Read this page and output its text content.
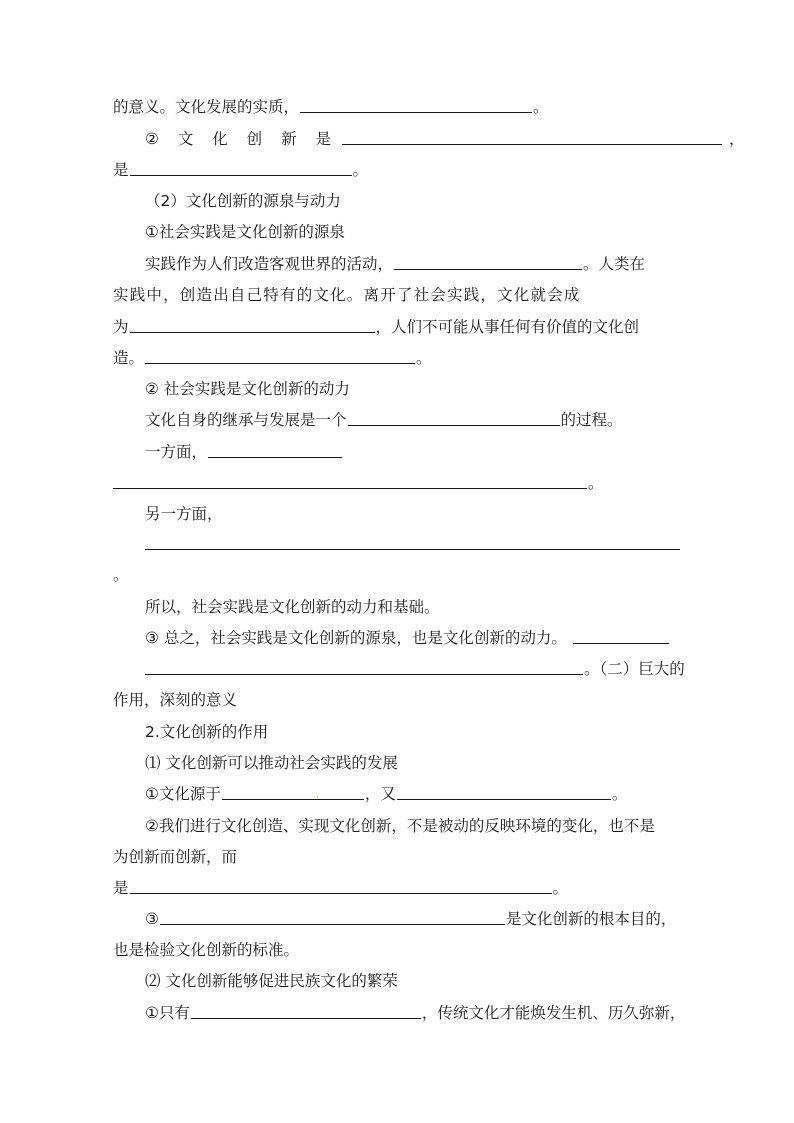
的意义。文化发展的实质，	。
② 文 化 创 新 是	，
是	。
（2）文化创新的源泉与动力
①社会实践是文化创新的源泉
实践作为人们改造客观世界的活动，	。人类在
实践中，创造出自己特有的文化。离开了社会实践，文化就会成
为	，人们不可能从事任何有价值的文化创
造。	。
② 社会实践是文化创新的动力
文化自身的继承与发展是一个	的过程。
一方面，
。
另一方面，
。
所以，社会实践是文化创新的动力和基础。
③ 总之，社会实践是文化创新的源泉，也是文化创新的动力。
。（二）巨大的
作用，深刻的意义
2.文化创新的作用
⑴ 文化创新可以推动社会实践的发展
①文化源于	.	，又	。
②我们进行文化创造、实现文化创新，不是被动的反映环境的变化，也不是
为创新而创新，而
是	。
③	是文化创新的根本目的，
也是检验文化创新的标准。
⑵ 文化创新能够促进民族文化的繁荣
①只有	，传统文化才能焕发生机、历久弥新，
